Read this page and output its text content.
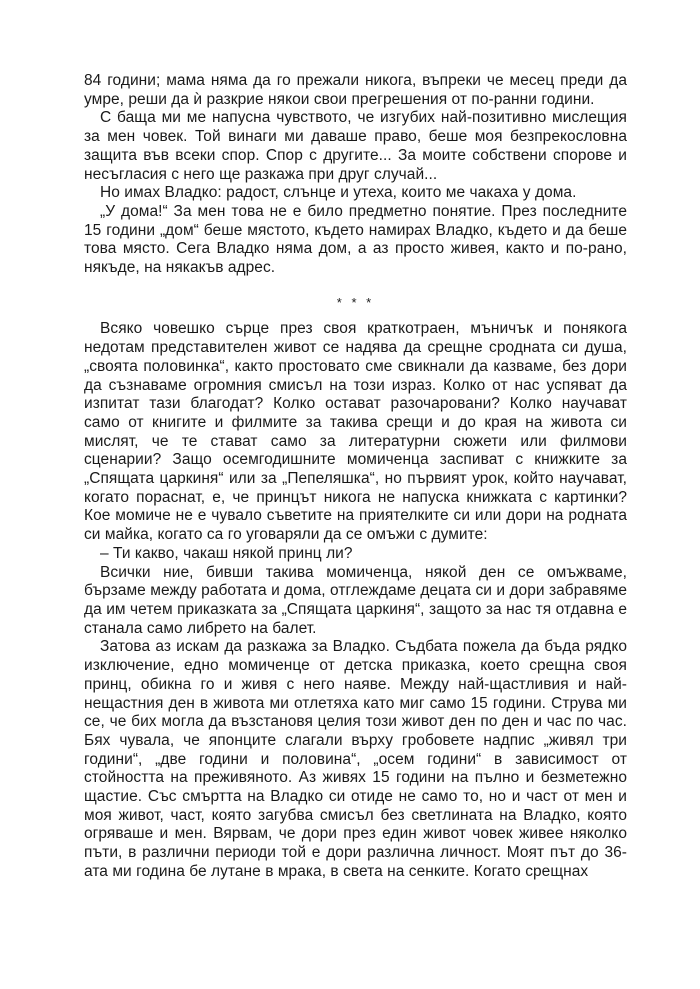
84 години; мама няма да го прежали никога, въпреки че месец преди да умре, реши да ѝ разкрие някои свои прегрешения от по-ранни години.

С баща ми ме напусна чувството, че изгубих най-позитивно мислещия за мен човек. Той винаги ми даваше право, беше моя безпрекословна защита във всеки спор. Спор с другите... За моите собствени спорове и несъгласия с него ще разкажа при друг случай...

Но имах Владко: радост, слънце и утеха, които ме чакаха у дома.

„У дома!“ За мен това не е било предметно понятие. През последните 15 години „дом“ беше мястото, където намирах Владко, където и да беше това място. Сега Владко няма дом, а аз просто живея, както и по-рано, някъде, на някакъв адрес.

* * *

Всяко човешко сърце през своя краткотраен, мъничък и понякога недотам представителен живот се надява да срещне сродната си душа, „своята половинка“, както простовато сме свикнали да казваме, без дори да съзнаваме огромния смисъл на този израз. Колко от нас успяват да изпитат тази благодат? Колко остават разочаровани? Колко научават само от книгите и филмите за такива срещи и до края на живота си мислят, че те стават само за литературни сюжети или филмови сценарии? Защо осемгодишните момиченца заспиват с книжките за „Спящата царкиня“ или за „Пепеляшка“, но първият урок, който научават, когато пораснат, е, че принцът никога не напуска книжката с картинки? Кое момиче не е чувало съветите на приятелките си или дори на родната си майка, когато са го уговаряли да се омъжи с думите:

– Ти какво, чакаш някой принц ли?

Всички ние, бивши такива момиченца, някой ден се омъжваме, бързаме между работата и дома, отглеждаме децата си и дори забравяме да им четем приказката за „Спящата царкиня“, защото за нас тя отдавна е станала само либрето на балет.

Затова аз искам да разкажа за Владко. Съдбата пожела да бъда рядко изключение, едно момиченце от детска приказка, което срещна своя принц, обикна го и живя с него наяве. Между най-щастливия и най-нещастния ден в живота ми отлетяха като миг само 15 години. Струва ми се, че бих могла да възстановя целия този живот ден по ден и час по час. Бях чувала, че японците слагали върху гробовете надпис „живял три години“, „две години и половина“, „осем години“ в зависимост от стойността на преживяното. Аз живях 15 години на пълно и безметежно щастие. Със смъртта на Владко си отиде не само то, но и част от мен и моя живот, част, която загубва смисъл без светлината на Владко, която огряваше и мен. Вярвам, че дори през един живот човек живее няколко пъти, в различни периоди той е дори различна личност. Моят път до 36-ата ми година бе лутане в мрака, в света на сенките. Когато срещнах
